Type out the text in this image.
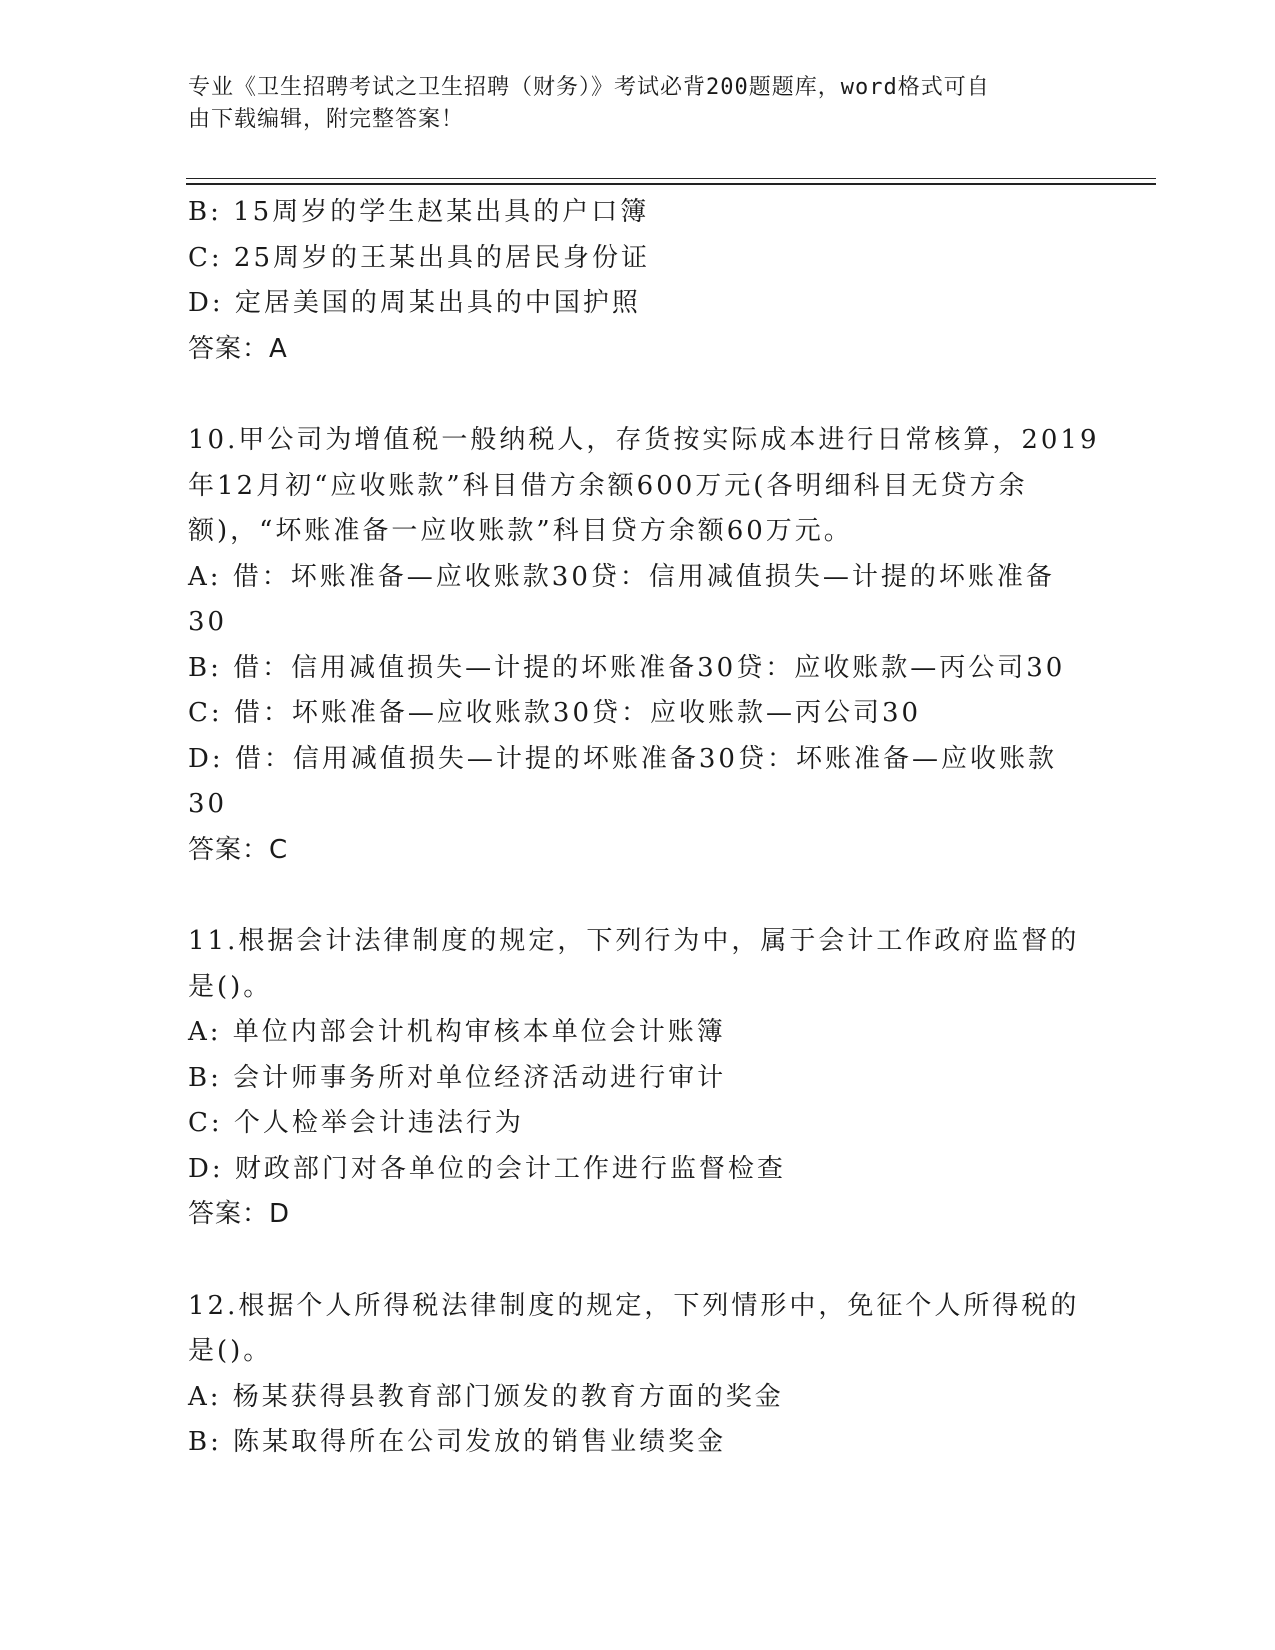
专业《卫生招聘考试之卫生招聘（财务）》考试必背200题题库，word格式可自
由下载编辑，附完整答案！
B: 15周岁的学生赵某出具的户口簿
C: 25周岁的王某出具的居民身份证
D: 定居美国的周某出具的中国护照
答案：A
10.甲公司为增值税一般纳税人，存货按实际成本进行日常核算，2019
年12月初“应收账款”科目借方余额600万元(各明细科目无贷方余
额)，“坏账准备一应收账款”科目贷方余额60万元。
A: 借：坏账准备—应收账款30贷：信用减值损失—计提的坏账准备
30
B: 借：信用减值损失—计提的坏账准备30贷：应收账款—丙公司30
C: 借：坏账准备—应收账款30贷：应收账款—丙公司30
D: 借：信用减值损失—计提的坏账准备30贷：坏账准备—应收账款
30
答案：C
11.根据会计法律制度的规定，下列行为中，属于会计工作政府监督的
是()。
A: 单位内部会计机构审核本单位会计账簿
B: 会计师事务所对单位经济活动进行审计
C: 个人检举会计违法行为
D: 财政部门对各单位的会计工作进行监督检查
答案：D
12.根据个人所得税法律制度的规定，下列情形中，免征个人所得税的
是()。
A: 杨某获得县教育部门颁发的教育方面的奖金
B: 陈某取得所在公司发放的销售业绩奖金
